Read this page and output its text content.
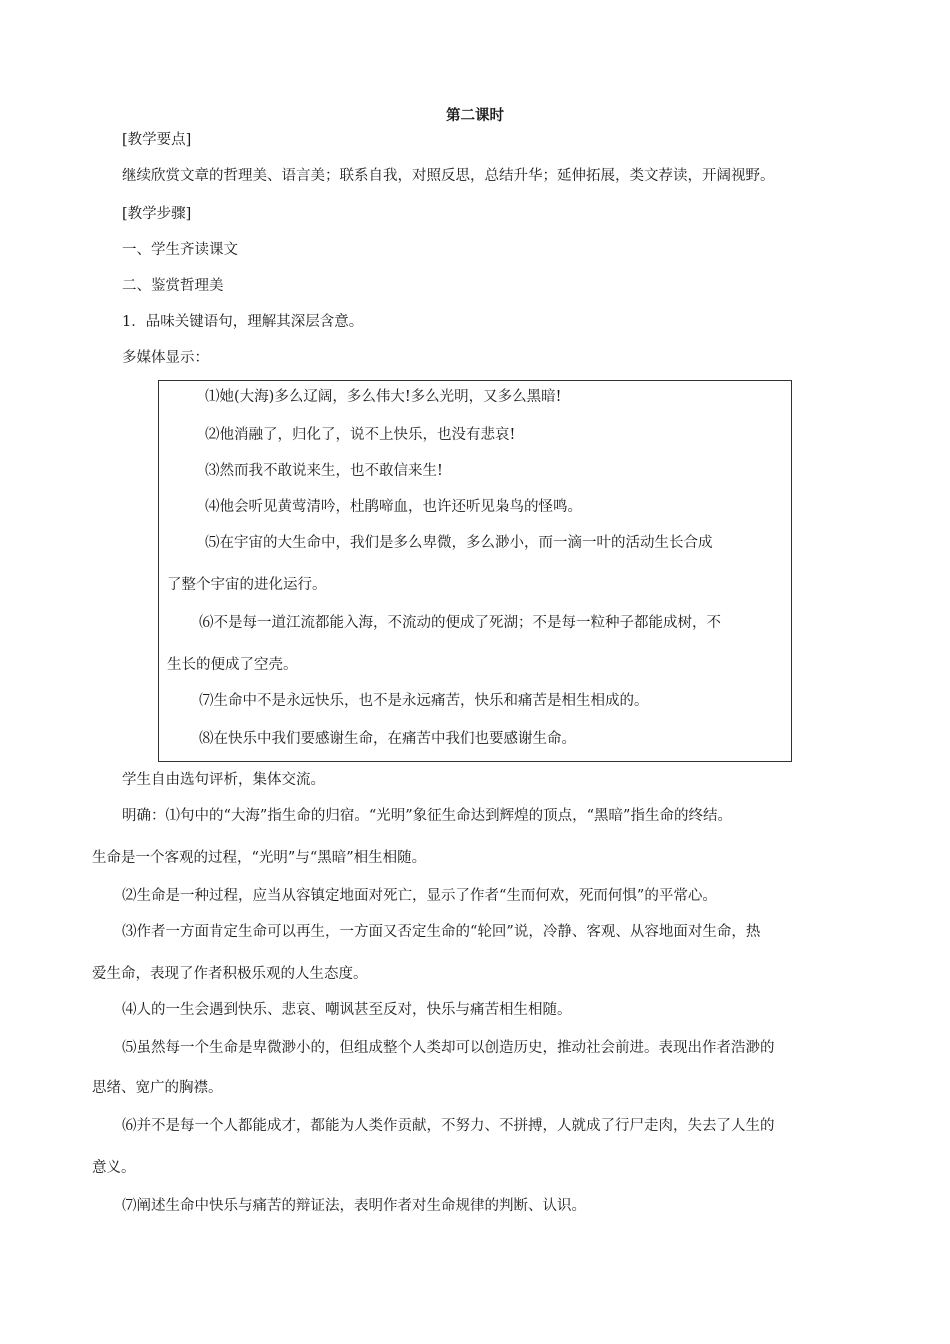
第二课时
[教学要点]
继续欣赏文章的哲理美、语言美；联系自我，对照反思，总结升华；延伸拓展，类文荐读，开阔视野。
[教学步骤]
一、学生齐读课文
二、鉴赏哲理美
1．品味关键语句，理解其深层含意。
多媒体显示：
⑴她(大海)多么辽阔，多么伟大!多么光明，又多么黑暗!
⑵他消融了，归化了，说不上快乐，也没有悲哀!
⑶然而我不敢说来生，也不敢信来生!
⑷他会听见黄莺清吟，杜鹃啼血，也许还听见枭鸟的怪鸣。
⑸在宇宙的大生命中，我们是多么卑微，多么渺小，而一滴一叶的活动生长合成
了整个宇宙的进化运行。
⑹不是每一道江流都能入海，不流动的便成了死湖；不是每一粒种子都能成树，不
生长的便成了空壳。
⑺生命中不是永远快乐，也不是永远痛苦，快乐和痛苦是相生相成的。
⑻在快乐中我们要感谢生命，在痛苦中我们也要感谢生命。
学生自由选句评析，集体交流。
明确：⑴句中的“大海”指生命的归宿。“光明”象征生命达到辉煌的顶点，“黑暗”指生命的终结。
生命是一个客观的过程，“光明”与“黑暗”相生相随。
⑵生命是一种过程，应当从容镇定地面对死亡，显示了作者“生而何欢，死而何惧”的平常心。
⑶作者一方面肯定生命可以再生，一方面又否定生命的“轮回”说，冷静、客观、从容地面对生命，热
爱生命，表现了作者积极乐观的人生态度。
⑷人的一生会遇到快乐、悲哀、嘲讽甚至反对，快乐与痛苦相生相随。
⑸虽然每一个生命是卑微渺小的，但组成整个人类却可以创造历史，推动社会前进。表现出作者浩渺的
思绪、宽广的胸襟。
⑹并不是每一个人都能成才，都能为人类作贡献，不努力、不拼搏，人就成了行尸走肉，失去了人生的
意义。
⑺阐述生命中快乐与痛苦的辩证法，表明作者对生命规律的判断、认识。
